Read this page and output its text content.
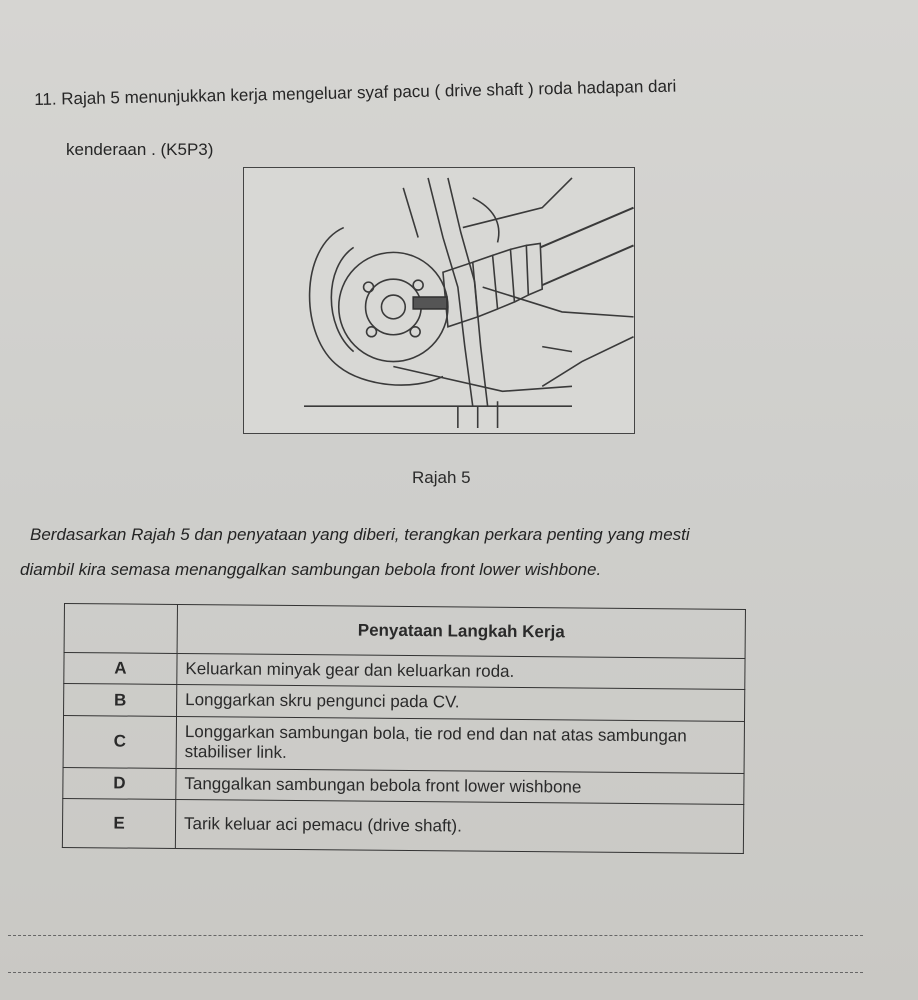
11. Rajah 5 menunjukkan kerja mengeluar syaf pacu ( drive shaft ) roda hadapan dari
kenderaan . (K5P3)
Rajah 5
Berdasarkan Rajah 5 dan penyataan yang diberi, terangkan perkara penting yang mesti
diambil kira semasa menanggalkan sambungan bebola front lower wishbone.
	Penyataan Langkah Kerja
A	Keluarkan minyak gear dan keluarkan roda.
B	Longgarkan skru pengunci pada CV.
C	Longgarkan sambungan bola, tie rod end dan nat atas sambungan stabiliser link.
D	Tanggalkan sambungan bebola front lower wishbone
E	Tarik keluar aci pemacu (drive shaft).
